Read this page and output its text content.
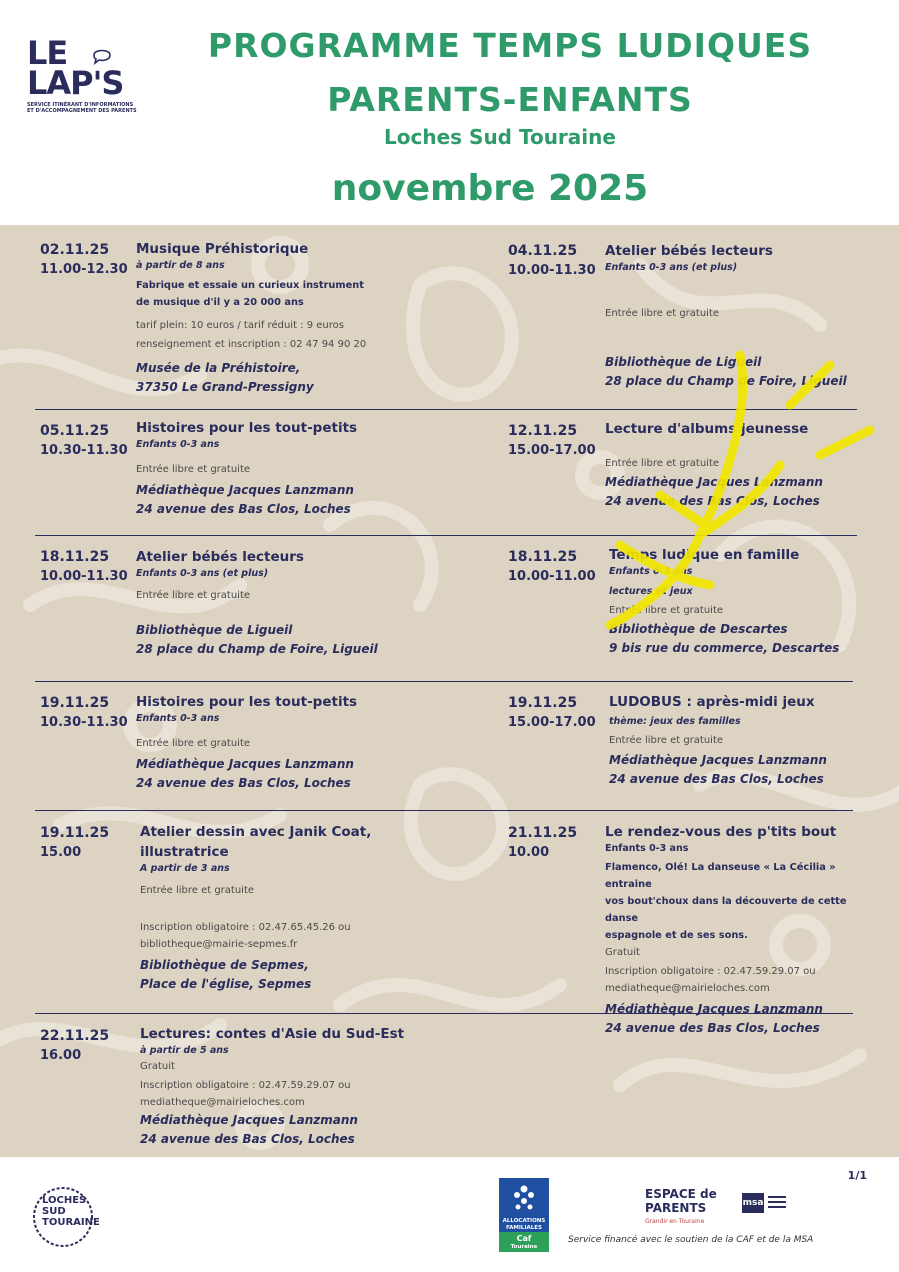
LE
LAP'S
SERVICE ITINÉRANT D'INFORMATIONS ET D'ACCOMPAGNEMENT DES PARENTS
PROGRAMME TEMPS LUDIQUES
PARENTS-ENFANTS
Loches Sud Touraine
novembre 2025
02.11.25
11.00-12.30
Musique Préhistorique
à partir de 8 ans
Fabrique et essaie un curieux instrument
de musique d'il y a 20 000 ans
tarif plein: 10 euros / tarif réduit : 9 euros
renseignement et inscription : 02 47 94 90 20
Musée de la Préhistoire,
37350 Le Grand-Pressigny
04.11.25
10.00-11.30
Atelier bébés lecteurs
Enfants 0-3 ans (et plus)
Entrée libre et gratuite
Bibliothèque de Ligueil
28 place du Champ de Foire, Ligueil
05.11.25
10.30-11.30
Histoires pour les tout-petits
Enfants 0-3 ans
Entrée libre et gratuite
Médiathèque Jacques Lanzmann
24 avenue des Bas Clos, Loches
12.11.25
15.00-17.00
Lecture d'albums jeunesse
Entrée libre et gratuite
Médiathèque Jacques Lanzmann
24 avenue des Bas Clos, Loches
18.11.25
10.00-11.30
Atelier bébés lecteurs
Enfants 0-3 ans (et plus)
Entrée libre et gratuite
Bibliothèque de Ligueil
28 place du Champ de Foire, Ligueil
18.11.25
10.00-11.00
Temps ludique en famille
Enfants 0-3 ans
lectures et jeux
Entrée libre et gratuite
Bibliothèque de Descartes
9 bis rue du commerce, Descartes
19.11.25
10.30-11.30
Histoires pour les tout-petits
Enfants 0-3 ans
Entrée libre et gratuite
Médiathèque Jacques Lanzmann
24 avenue des Bas Clos, Loches
19.11.25
15.00-17.00
LUDOBUS : après-midi jeux
thème: jeux des familles
Entrée libre et gratuite
Médiathèque Jacques Lanzmann
24 avenue des Bas Clos, Loches
19.11.25
15.00
Atelier dessin avec Janik Coat,
illustratrice
A partir de 3 ans
Entrée libre et gratuite
Inscription obligatoire : 02.47.65.45.26 ou
bibliotheque@mairie-sepmes.fr
Bibliothèque de Sepmes,
Place de l'église, Sepmes
21.11.25
10.00
Le rendez-vous des p'tits bout
Enfants 0-3 ans
Flamenco, Olé! La danseuse « La Cécilia » entraine
vos bout'choux dans la découverte de cette danse
espagnole et de ses sons.
Gratuit
Inscription obligatoire : 02.47.59.29.07 ou
mediatheque@mairieloches.com
Médiathèque Jacques Lanzmann
24 avenue des Bas Clos, Loches
22.11.25
16.00
Lectures: contes d'Asie du Sud-Est
à partir de 5 ans
Gratuit
Inscription obligatoire : 02.47.59.29.07 ou
mediatheque@mairieloches.com
Médiathèque Jacques Lanzmann
24 avenue des Bas Clos, Loches
1/1
LOCHES
SUD
TOURAINE	ALLOCATIONS FAMILIALES
Caf
Touraine
ESPACE de
PARENTS
Grandir en Touraine
msa
Service financé avec le soutien de la CAF et de la MSA
